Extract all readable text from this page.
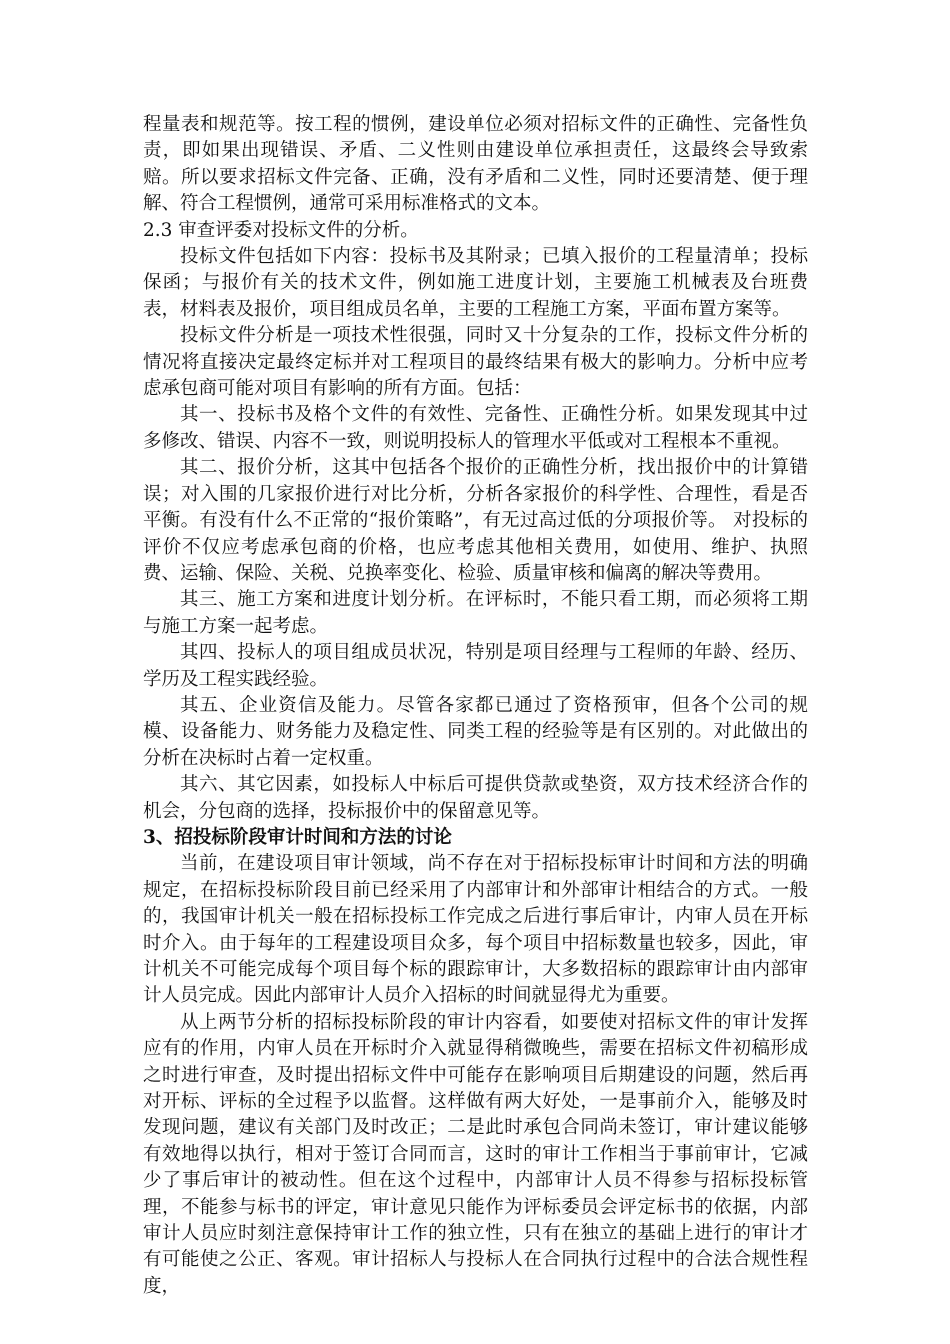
程量表和规范等。按工程的惯例，建设单位必须对招标文件的正确性、完备性负责，即如果出现错误、矛盾、二义性则由建设单位承担责任，这最终会导致索赔。所以要求招标文件完备、正确，没有矛盾和二义性，同时还要清楚、便于理解、符合工程惯例，通常可采用标准格式的文本。

2.3 审查评委对投标文件的分析。

投标文件包括如下内容：投标书及其附录；已填入报价的工程量清单；投标保函；与报价有关的技术文件，例如施工进度计划，主要施工机械表及台班费表，材料表及报价，项目组成员名单，主要的工程施工方案，平面布置方案等。

投标文件分析是一项技术性很强，同时又十分复杂的工作，投标文件分析的情况将直接决定最终定标并对工程项目的最终结果有极大的影响力。分析中应考虑承包商可能对项目有影响的所有方面。包括：

其一、投标书及格个文件的有效性、完备性、正确性分析。如果发现其中过多修改、错误、内容不一致，则说明投标人的管理水平低或对工程根本不重视。

其二、报价分析，这其中包括各个报价的正确性分析，找出报价中的计算错误；对入围的几家报价进行对比分析，分析各家报价的科学性、合理性，看是否平衡。有没有什么不正常的“报价策略”，有无过高过低的分项报价等。 对投标的评价不仅应考虑承包商的价格，也应考虑其他相关费用，如使用、维护、执照费、运输、保险、关税、兑换率变化、检验、质量审核和偏离的解决等费用。

其三、施工方案和进度计划分析。在评标时，不能只看工期，而必须将工期与施工方案一起考虑。

其四、投标人的项目组成员状况，特别是项目经理与工程师的年龄、经历、学历及工程实践经验。

其五、企业资信及能力。尽管各家都已通过了资格预审，但各个公司的规模、设备能力、财务能力及稳定性、同类工程的经验等是有区别的。对此做出的分析在决标时占着一定权重。

其六、其它因素，如投标人中标后可提供贷款或垫资，双方技术经济合作的机会，分包商的选择，投标报价中的保留意见等。

3、招投标阶段审计时间和方法的讨论

当前，在建设项目审计领域，尚不存在对于招标投标审计时间和方法的明确规定，在招标投标阶段目前已经采用了内部审计和外部审计相结合的方式。一般的，我国审计机关一般在招标投标工作完成之后进行事后审计，内审人员在开标时介入。由于每年的工程建设项目众多，每个项目中招标数量也较多，因此，审计机关不可能完成每个项目每个标的跟踪审计，大多数招标的跟踪审计由内部审计人员完成。因此内部审计人员介入招标的时间就显得尤为重要。

从上两节分析的招标投标阶段的审计内容看，如要使对招标文件的审计发挥应有的作用，内审人员在开标时介入就显得稍微晚些，需要在招标文件初稿形成之时进行审查，及时提出招标文件中可能存在影响项目后期建设的问题，然后再对开标、评标的全过程予以监督。这样做有两大好处，一是事前介入，能够及时发现问题，建议有关部门及时改正；二是此时承包合同尚未签订，审计建议能够有效地得以执行，相对于签订合同而言，这时的审计工作相当于事前审计，它减少了事后审计的被动性。但在这个过程中，内部审计人员不得参与招标投标管理，不能参与标书的评定，审计意见只能作为评标委员会评定标书的依据，内部审计人员应时刻注意保持审计工作的独立性，只有在独立的基础上进行的审计才有可能使之公正、客观。审计招标人与投标人在合同执行过程中的合法合规性程度，
